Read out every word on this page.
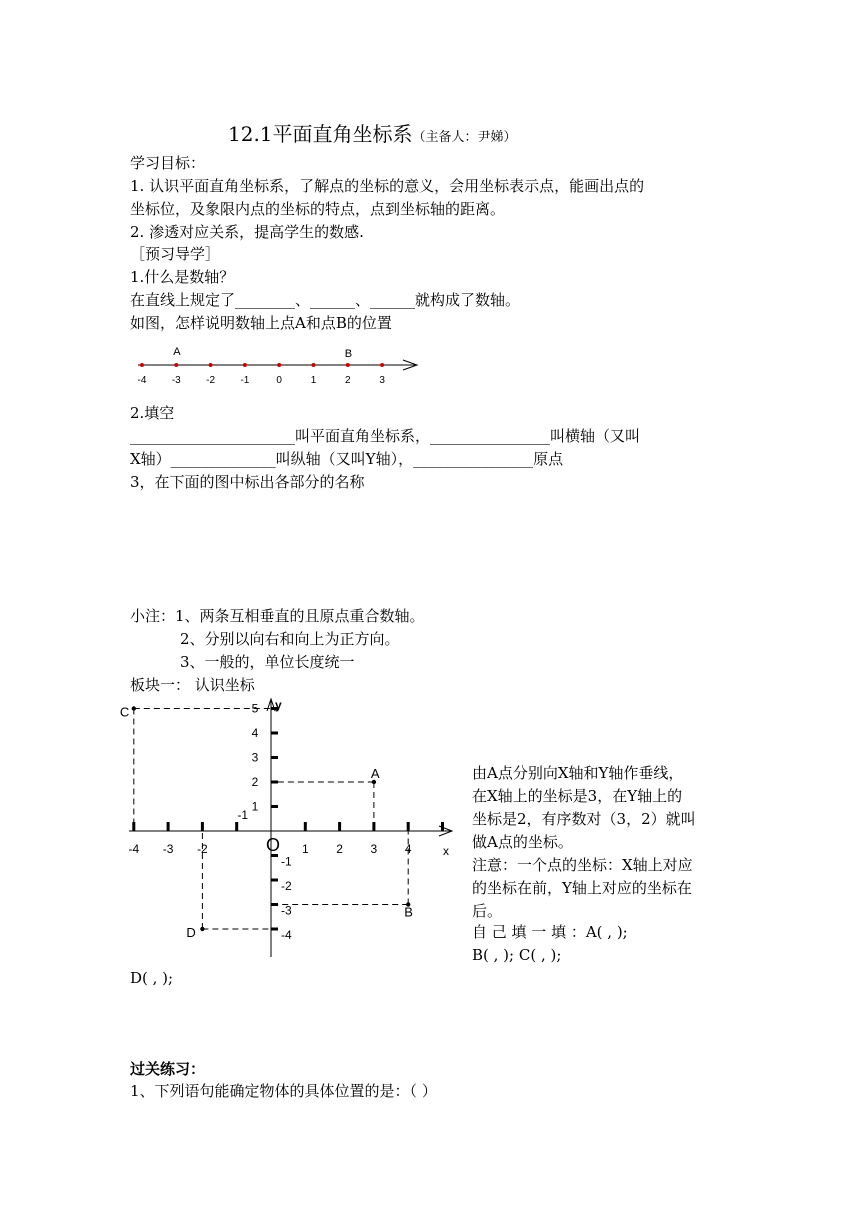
12.1平面直角坐标系（主备人：尹娣）
学习目标：
1. 认识平面直角坐标系，了解点的坐标的意义，会用坐标表示点，能画出点的
坐标位，及象限内点的坐标的特点，点到坐标轴的距离。
2. 渗透对应关系，提高学生的数感.
［预习导学］
1.什么是数轴？
在直线上规定了________、______、______就构成了数轴。
如图，怎样说明数轴上点A和点B的位置
-4	-3	-2	-1	0	1	2	3
A	B
2.填空
______________________叫平面直角坐标系，________________叫横轴（又叫
X轴）______________叫纵轴（又叫Y轴），________________原点
3，在下面的图中标出各部分的名称
小注：1、两条互相垂直的且原点重合数轴。
2、分别以向右和向上为正方向。
3、一般的，单位长度统一
板块一： 认识坐标
-4 -3 -2
-1
1 2 3 4
1
2
3
4
5
-1
-2
-3
-4
A
B
C
D
x
y
O
由A点分别向X轴和Y轴作垂线，
在X轴上的坐标是3，在Y轴上的
坐标是2，有序数对（3，2）就叫
做A点的坐标。
注意：一个点的坐标：X轴上对应
的坐标在前，Y轴上对应的坐标在
后。
自 己 填 一 填 ：A( , );
B( , ); C( , );
D( , );
过关练习：
1、下列语句能确定物体的具体位置的是：（ ）
